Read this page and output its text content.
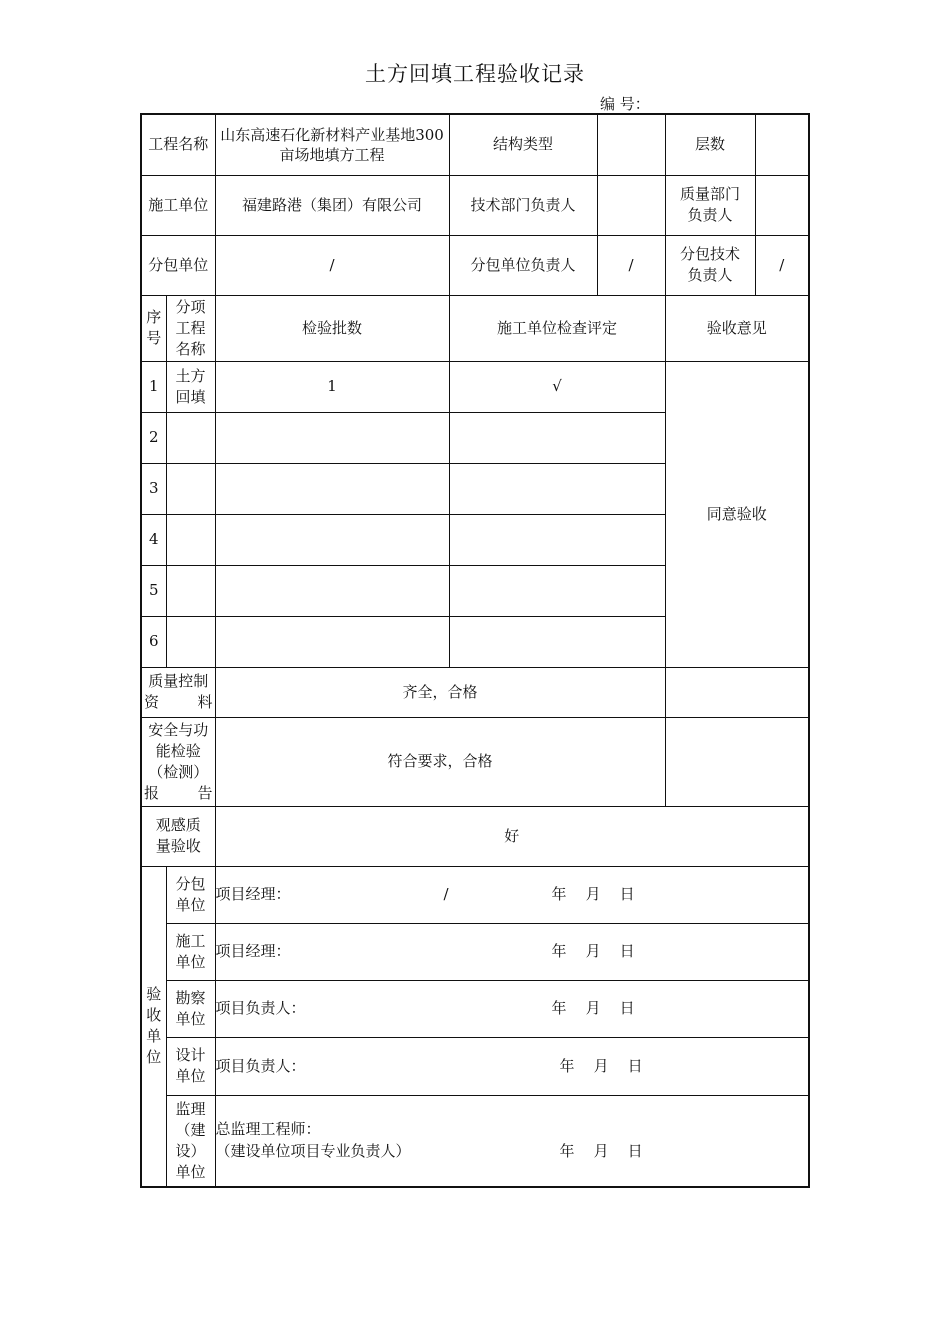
土方回填工程验收记录
编 号：
工程名称		山东高速石化新材料产业基地300亩场地填方工程	结构类型		层数	
施工单位		福建路港（集团）有限公司	技术部门负责人		质量部门负责人	
分包单位		/	分包单位负责人	/	分包技术负责人	/
序号	分项工程名称	检验批数	施工单位检查评定		验收意见	
1	土方回填	1	√		同意验收	
2						
3						
4						
5						
6						
质量控制资料		齐全，合格				
安全与功能检验（检测）报告		符合要求，合格				
观感质量验收		好				
验收单位	分包单位	项目经理： / 年    月    日				

	施工单位	项目经理： 年    月    日				

	勘察单位	项目负责人： 年    月    日				

	设计单位	项目负责人： 年    月    日				

	监理（建设）单位	总监理工程师：
（建设单位项目专业负责人） 年    月    日				
